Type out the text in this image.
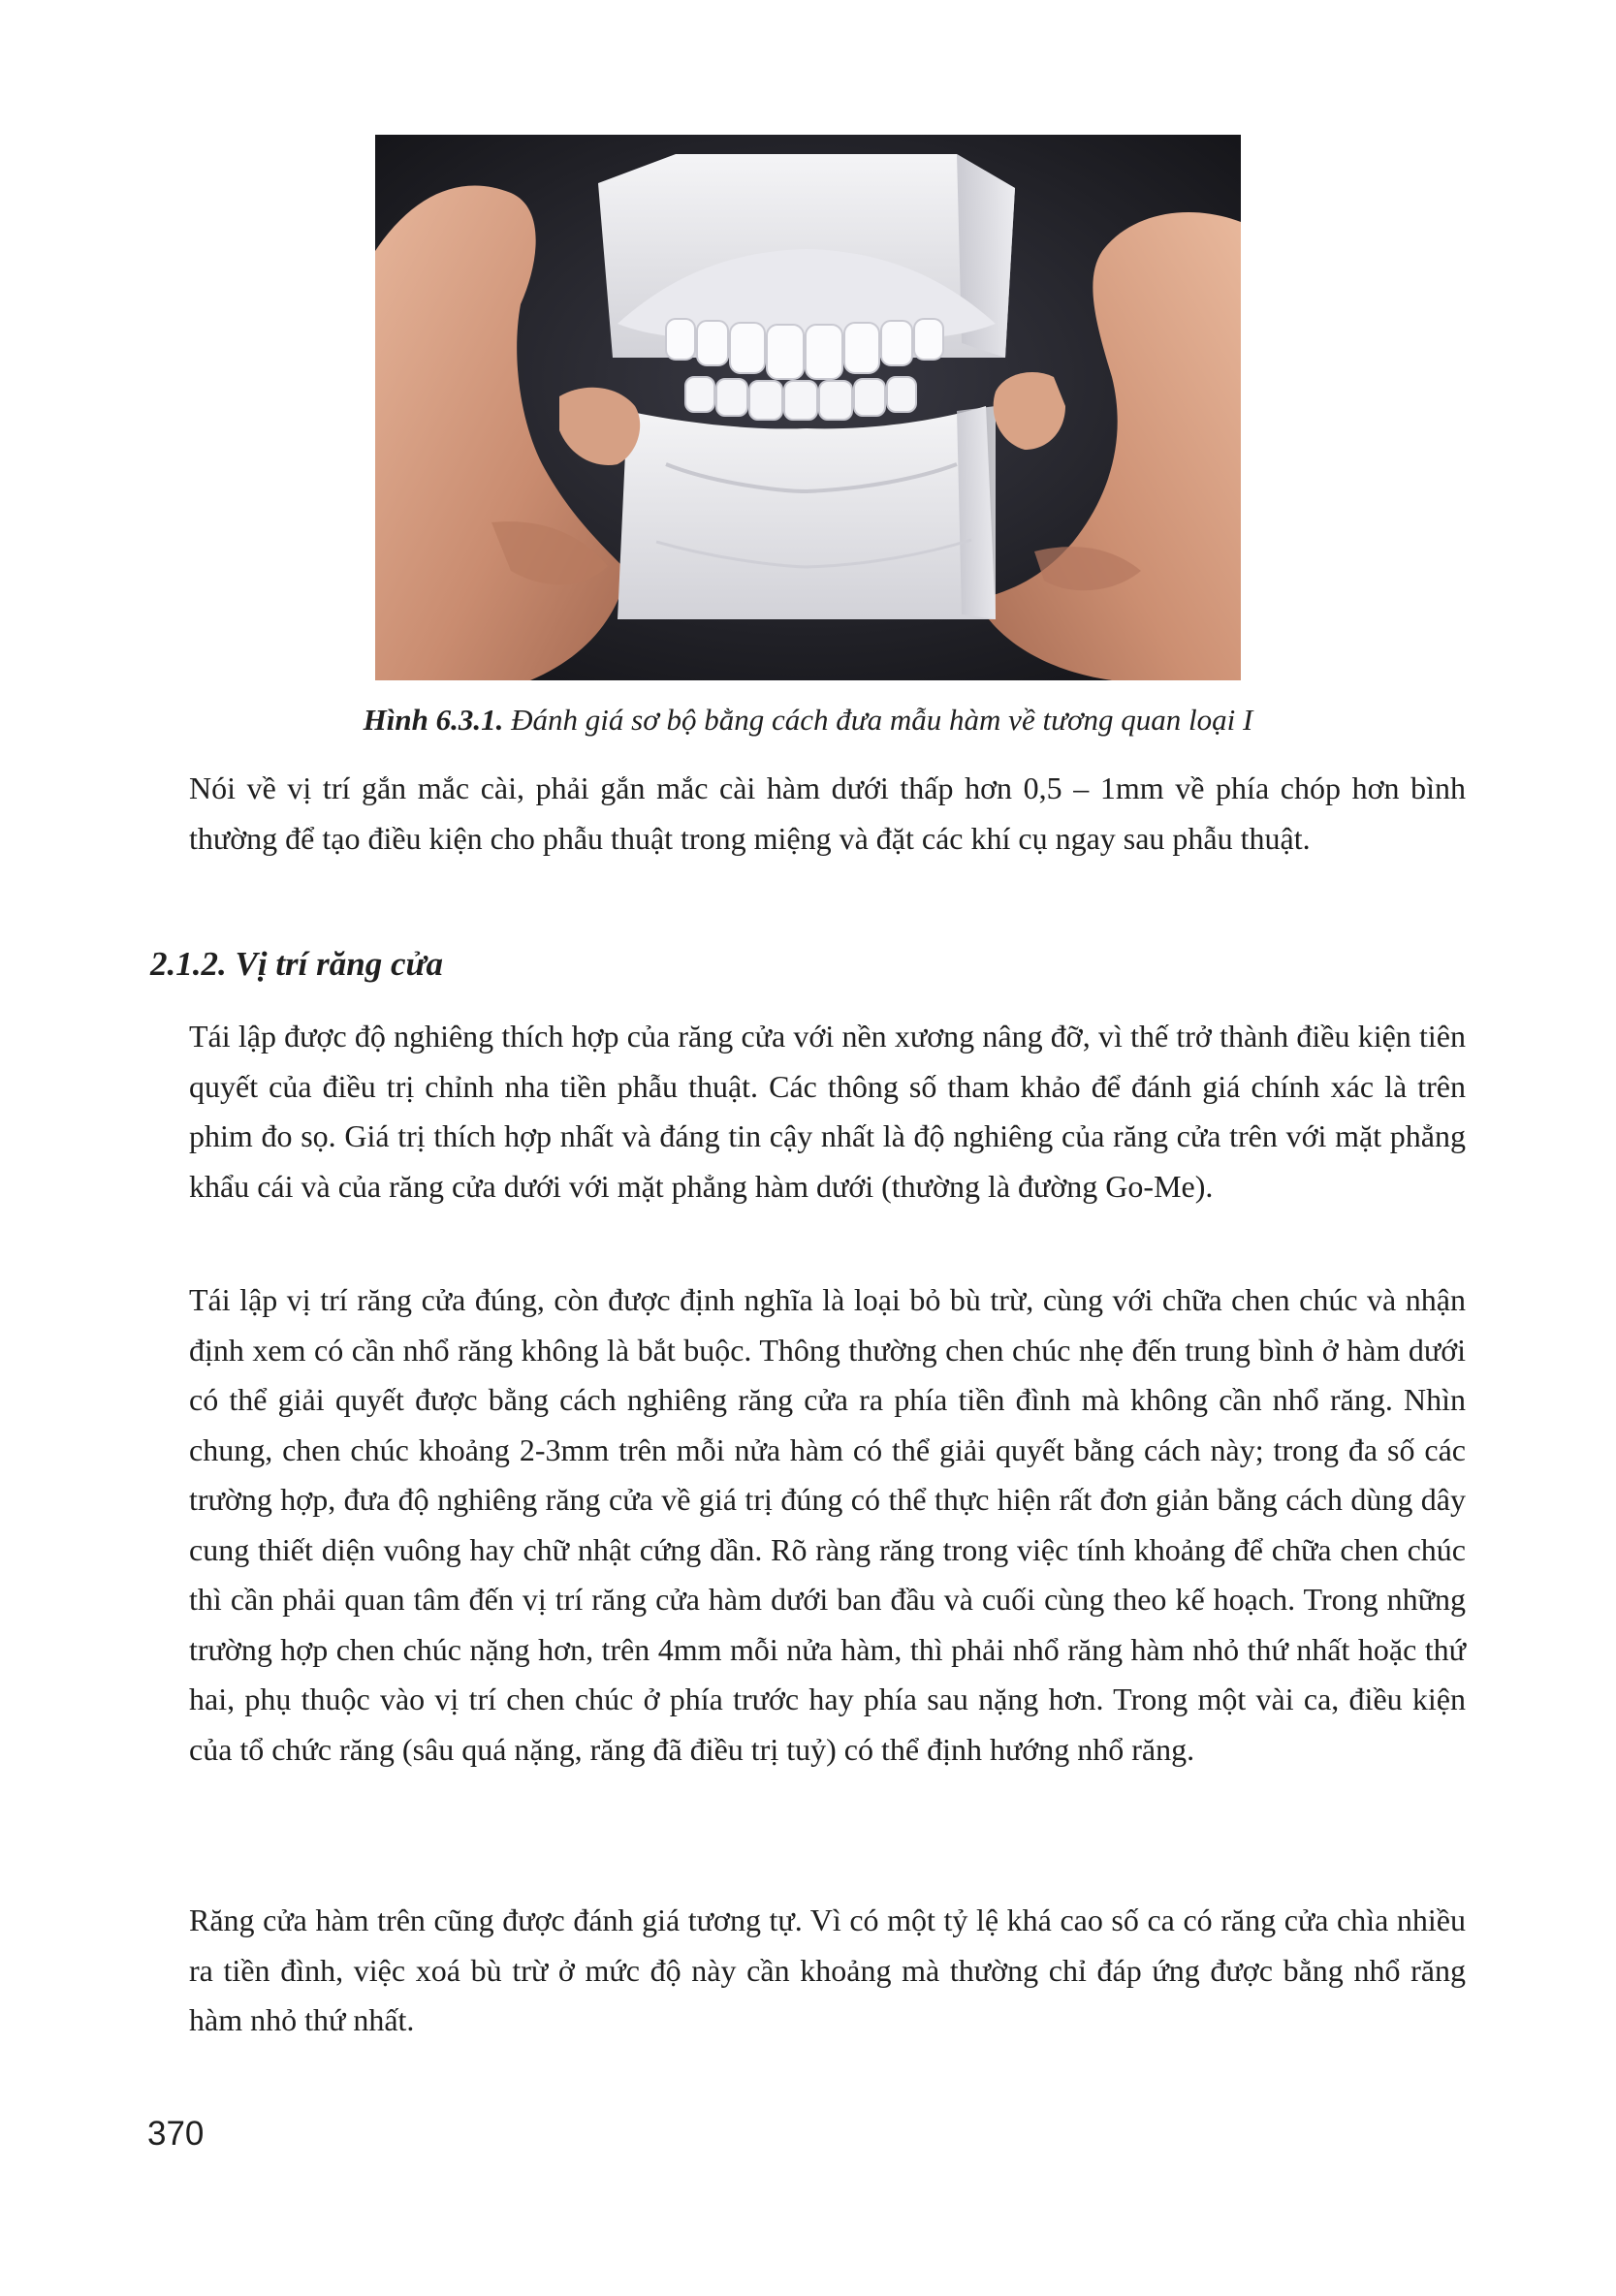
Hình 6.3.1. Đánh giá sơ bộ bằng cách đưa mẫu hàm về tương quan loại I

Nói về vị trí gắn mắc cài, phải gắn mắc cài hàm dưới thấp hơn 0,5 – 1mm về phía chóp hơn bình thường để tạo điều kiện cho phẫu thuật trong miệng và đặt các khí cụ ngay sau phẫu thuật.

2.1.2. Vị trí răng cửa

Tái lập được độ nghiêng thích hợp của răng cửa với nền xương nâng đỡ, vì thế trở thành điều kiện tiên quyết của điều trị chỉnh nha tiền phẫu thuật. Các thông số tham khảo để đánh giá chính xác là trên phim đo sọ. Giá trị thích hợp nhất và đáng tin cậy nhất là độ nghiêng của răng cửa trên với mặt phẳng khẩu cái và của răng cửa dưới với mặt phẳng hàm dưới (thường là đường Go-Me).

Tái lập vị trí răng cửa đúng, còn được định nghĩa là loại bỏ bù trừ, cùng với chữa chen chúc và nhận định xem có cần nhổ răng không là bắt buộc. Thông thường chen chúc nhẹ đến trung bình ở hàm dưới có thể giải quyết được bằng cách nghiêng răng cửa ra phía tiền đình mà không cần nhổ răng. Nhìn chung, chen chúc khoảng 2-3mm trên mỗi nửa hàm có thể giải quyết bằng cách này; trong đa số các trường hợp, đưa độ nghiêng răng cửa về giá trị đúng có thể thực hiện rất đơn giản bằng cách dùng dây cung thiết diện vuông hay chữ nhật cứng dần. Rõ ràng răng trong việc tính khoảng để chữa chen chúc thì cần phải quan tâm đến vị trí răng cửa hàm dưới ban đầu và cuối cùng theo kế hoạch. Trong những trường hợp chen chúc nặng hơn, trên 4mm mỗi nửa hàm, thì phải nhổ răng hàm nhỏ thứ nhất hoặc thứ hai, phụ thuộc vào vị trí chen chúc ở phía trước hay phía sau nặng hơn. Trong một vài ca, điều kiện của tổ chức răng (sâu quá nặng, răng đã điều trị tuỷ) có thể định hướng nhổ răng.

Răng cửa hàm trên cũng được đánh giá tương tự. Vì có một tỷ lệ khá cao số ca có răng cửa chìa nhiều ra tiền đình, việc xoá bù trừ ở mức độ này cần khoảng mà thường chỉ đáp ứng được bằng nhổ răng hàm nhỏ thứ nhất.

370
